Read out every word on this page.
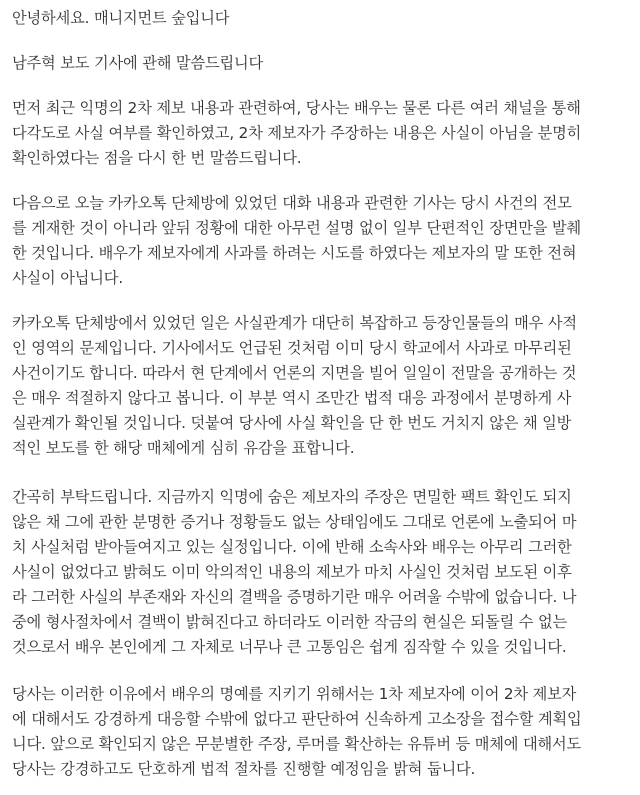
안녕하세요. 매니지먼트 숲입니다

남주혁 보도 기사에 관해 말씀드립니다

먼저 최근 익명의 2차 제보 내용과 관련하여, 당사는 배우는 물론 다른 여러 채널을 통해
다각도로 사실 여부를 확인하였고, 2차 제보자가 주장하는 내용은 사실이 아님을 분명히
확인하였다는 점을 다시 한 번 말씀드립니다.

다음으로 오늘 카카오톡 단체방에 있었던 대화 내용과 관련한 기사는 당시 사건의 전모
를 게재한 것이 아니라 앞뒤 정황에 대한 아무런 설명 없이 일부 단편적인 장면만을 발췌
한 것입니다. 배우가 제보자에게 사과를 하려는 시도를 하였다는 제보자의 말 또한 전혀
사실이 아닙니다.

카카오톡 단체방에서 있었던 일은 사실관계가 대단히 복잡하고 등장인물들의 매우 사적
인 영역의 문제입니다. 기사에서도 언급된 것처럼 이미 당시 학교에서 사과로 마무리된
사건이기도 합니다. 따라서 현 단계에서 언론의 지면을 빌어 일일이 전말을 공개하는 것
은 매우 적절하지 않다고 봅니다. 이 부분 역시 조만간 법적 대응 과정에서 분명하게 사
실관계가 확인될 것입니다. 덧붙여 당사에 사실 확인을 단 한 번도 거치지 않은 채 일방
적인 보도를 한 해당 매체에게 심히 유감을 표합니다.

간곡히 부탁드립니다. 지금까지 익명에 숨은 제보자의 주장은 면밀한 팩트 확인도 되지
않은 채 그에 관한 분명한 증거나 정황들도 없는 상태임에도 그대로 언론에 노출되어 마
치 사실처럼 받아들여지고 있는 실정입니다. 이에 반해 소속사와 배우는 아무리 그러한
사실이 없었다고 밝혀도 이미 악의적인 내용의 제보가 마치 사실인 것처럼 보도된 이후
라 그러한 사실의 부존재와 자신의 결백을 증명하기란 매우 어려울 수밖에 없습니다. 나
중에 형사절차에서 결백이 밝혀진다고 하더라도 이러한 작금의 현실은 되돌릴 수 없는
것으로서 배우 본인에게 그 자체로 너무나 큰 고통임은 쉽게 짐작할 수 있을 것입니다.

당사는 이러한 이유에서 배우의 명예를 지키기 위해서는 1차 제보자에 이어 2차 제보자
에 대해서도 강경하게 대응할 수밖에 없다고 판단하여 신속하게 고소장을 접수할 계획입
니다. 앞으로 확인되지 않은 무분별한 주장, 루머를 확산하는 유튜버 등 매체에 대해서도
당사는 강경하고도 단호하게 법적 절차를 진행할 예정임을 밝혀 둡니다.
